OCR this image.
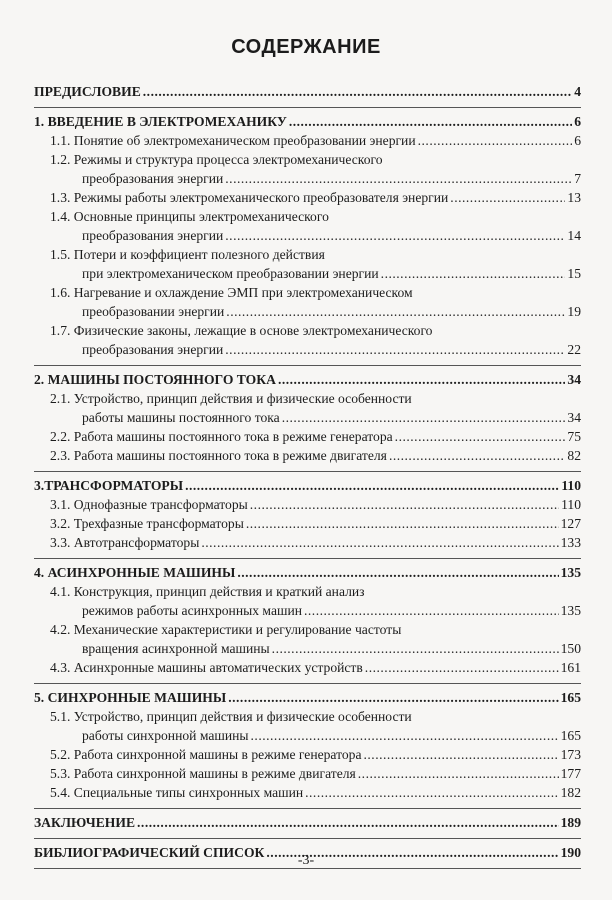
СОДЕРЖАНИЕ
ПРЕДИСЛОВИЕ .....	4
1. ВВЕДЕНИЕ В ЭЛЕКТРОМЕХАНИКУ .....	6
1.1. Понятие об электромеханическом преобразовании энергии .....	6
1.2. Режимы и структура процесса электромеханического
преобразования энергии .....	7
1.3. Режимы работы электромеханического преобразователя энергии .....	13
1.4. Основные принципы электромеханического
преобразования энергии .....	14
1.5. Потери и коэффициент полезного действия
при электромеханическом преобразовании энергии .....	15
1.6. Нагревание и охлаждение ЭМП при электромеханическом
преобразовании энергии .....	19
1.7. Физические законы, лежащие в основе электромеханического
преобразования энергии .....	22
2. МАШИНЫ ПОСТОЯННОГО ТОКА .....	34
2.1. Устройство, принцип действия и физические особенности
работы машины постоянного тока .....	34
2.2. Работа машины постоянного тока в режиме генератора .....	75
2.3. Работа машины постоянного тока в режиме двигателя .....	82
3.ТРАНСФОРМАТОРЫ .....	110
3.1. Однофазные трансформаторы .....	110
3.2. Трехфазные трансформаторы .....	127
3.3. Автотрансформаторы .....	133
4. АСИНХРОННЫЕ МАШИНЫ .....	135
4.1. Конструкция, принцип действия и краткий анализ
режимов работы асинхронных машин .....	135
4.2. Механические характеристики и регулирование частоты
вращения асинхронной машины .....	150
4.3. Асинхронные машины автоматических устройств .....	161
5. СИНХРОННЫЕ МАШИНЫ .....	165
5.1. Устройство, принцип действия и физические особенности
работы синхронной машины .....	165
5.2. Работа синхронной машины в режиме генератора .....	173
5.3. Работа синхронной машины в режиме двигателя .....	177
5.4. Специальные типы синхронных машин .....	182
ЗАКЛЮЧЕНИЕ .....	189
БИБЛИОГРАФИЧЕСКИЙ СПИСОК .....	190
-3-
